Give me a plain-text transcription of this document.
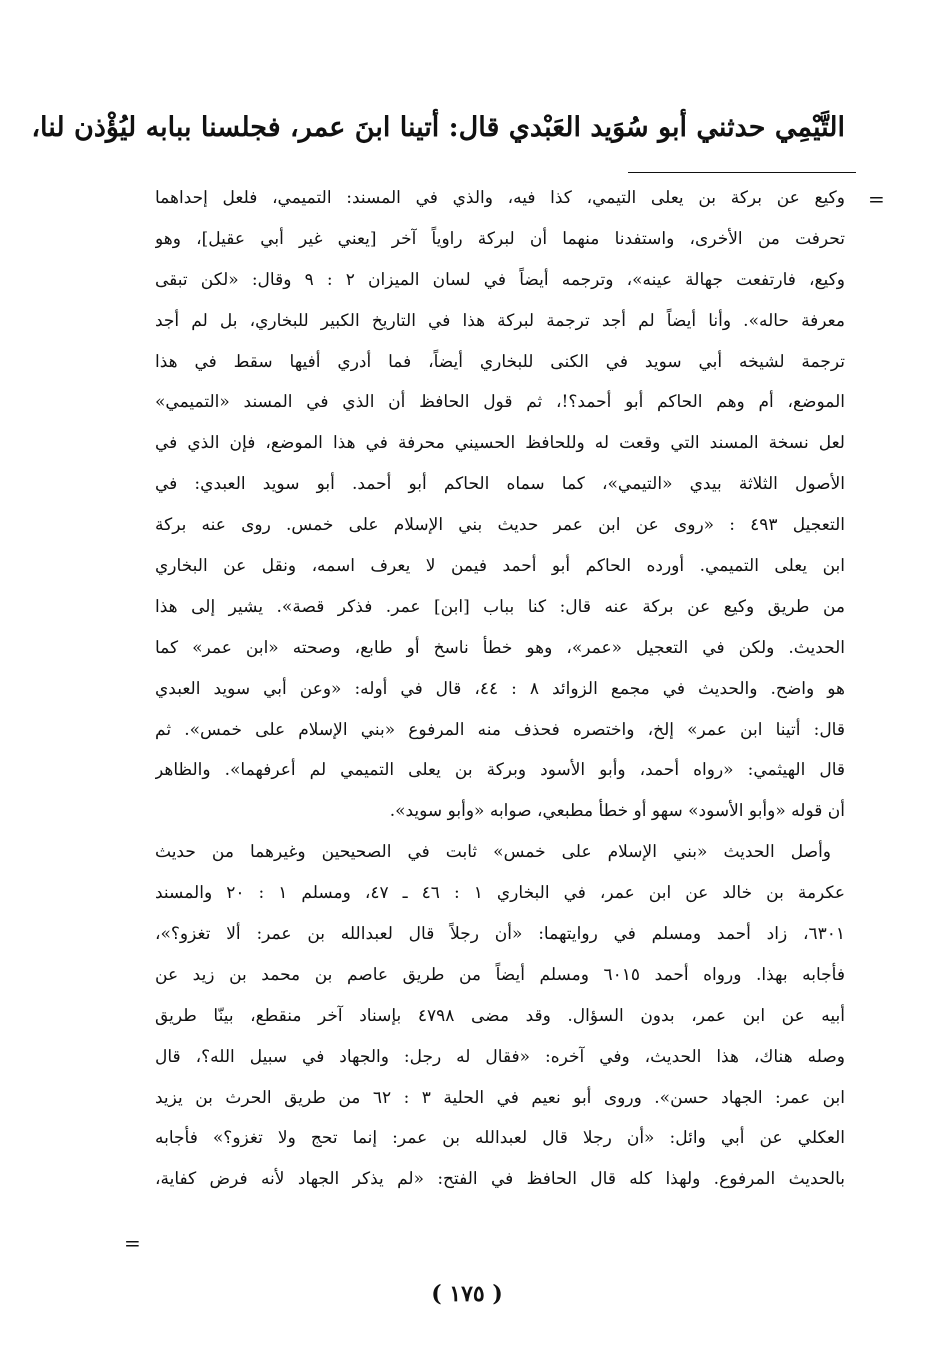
التَّيْمِي حدثني أبو سُوَيد العَبْدي قال: أتينا ابنَ عمر، فجلسنا ببابه ليُؤْذن لنا،
=
وكيع عن بركة بن يعلى التيمي، كذا فيه، والذي في المسند: التميمي، فلعل إحداهما
تحرفت من الأخرى، واستفدنا منهما أن لبركة راوياً آخر [يعني غير أبي عقيل]، وهو
وكيع، فارتفعت جهالة عينه»، وترجمه أيضاً في لسان الميزان ٢ : ٩ وقال: «لكن تبقى
معرفة حاله». وأنا أيضاً لم أجد ترجمة لبركة هذا في التاريخ الكبير للبخاري، بل لم أجد
ترجمة لشيخه أبي سويد في الكنى للبخاري أيضاً، فما أدري أفيها سقط في هذا
الموضع، أم وهم الحاكم أبو أحمد؟!، ثم قول الحافظ أن الذي في المسند «التميمي»
لعل نسخة المسند التي وقعت له وللحافظ الحسيني محرفة في هذا الموضع، فإن الذي في
الأصول الثلاثة بيدي «التيمي»، كما سماه الحاكم أبو أحمد. أبو سويد العبدي: في
التعجيل ٤٩٣ : «روى عن ابن عمر حديث بني الإسلام على خمس. روى عنه بركة
ابن يعلى التميمي. أورده الحاكم أبو أحمد فيمن لا يعرف اسمه، ونقل عن البخاري
من طريق وكيع عن بركة عنه قال: كنا بباب [ابن] عمر. فذكر قصة». يشير إلى هذا
الحديث. ولكن في التعجيل «عمر»، وهو خطأ ناسخ أو طابع، وصحته «ابن عمر» كما
هو واضح. والحديث في مجمع الزوائد ٨ : ٤٤، قال في أوله: «وعن أبي سويد العبدي
قال: أتينا ابن عمر» إلخ، واختصره فحذف منه المرفوع «بني الإسلام على خمس». ثم
قال الهيثمي: «رواه أحمد، وأبو الأسود وبركة بن يعلى التميمي لم أعرفهما». والظاهر
أن قوله «وأبو الأسود» سهو أو خطأ مطبعي، صوابه «وأبو سويد».
وأصل الحديث «بني الإسلام على خمس» ثابت في الصحيحين وغيرهما من حديث
عكرمة بن خالد عن ابن عمر، في البخاري ١ : ٤٦ ـ ٤٧، ومسلم ١ : ٢٠ والمسند
٦٣٠١، زاد أحمد ومسلم في روايتهما: «أن رجلاً قال لعبدالله بن عمر: ألا تغزو؟»،
فأجابه بهذا. ورواه أحمد ٦٠١٥ ومسلم أيضاً من طريق عاصم بن محمد بن زيد عن
أبيه عن ابن عمر، بدون السؤال. وقد مضى ٤٧٩٨ بإسناد آخر منقطع، بينّا طريق
وصله هناك، هذا الحديث، وفي آخره: «فقال له رجل: والجهاد في سبيل الله؟، قال
ابن عمر: الجهاد حسن». وروى أبو نعيم في الحلية ٣ : ٦٢ من طريق الحرث بن يزيد
العكلي عن أبي وائل: «أن رجلا قال لعبدالله بن عمر: إنما تحج ولا تغزو؟» فأجابه
بالحديث المرفوع. ولهذا كله قال الحافظ في الفتح: «لم يذكر الجهاد لأنه فرض كفاية،
=
( ١٧٥ )
